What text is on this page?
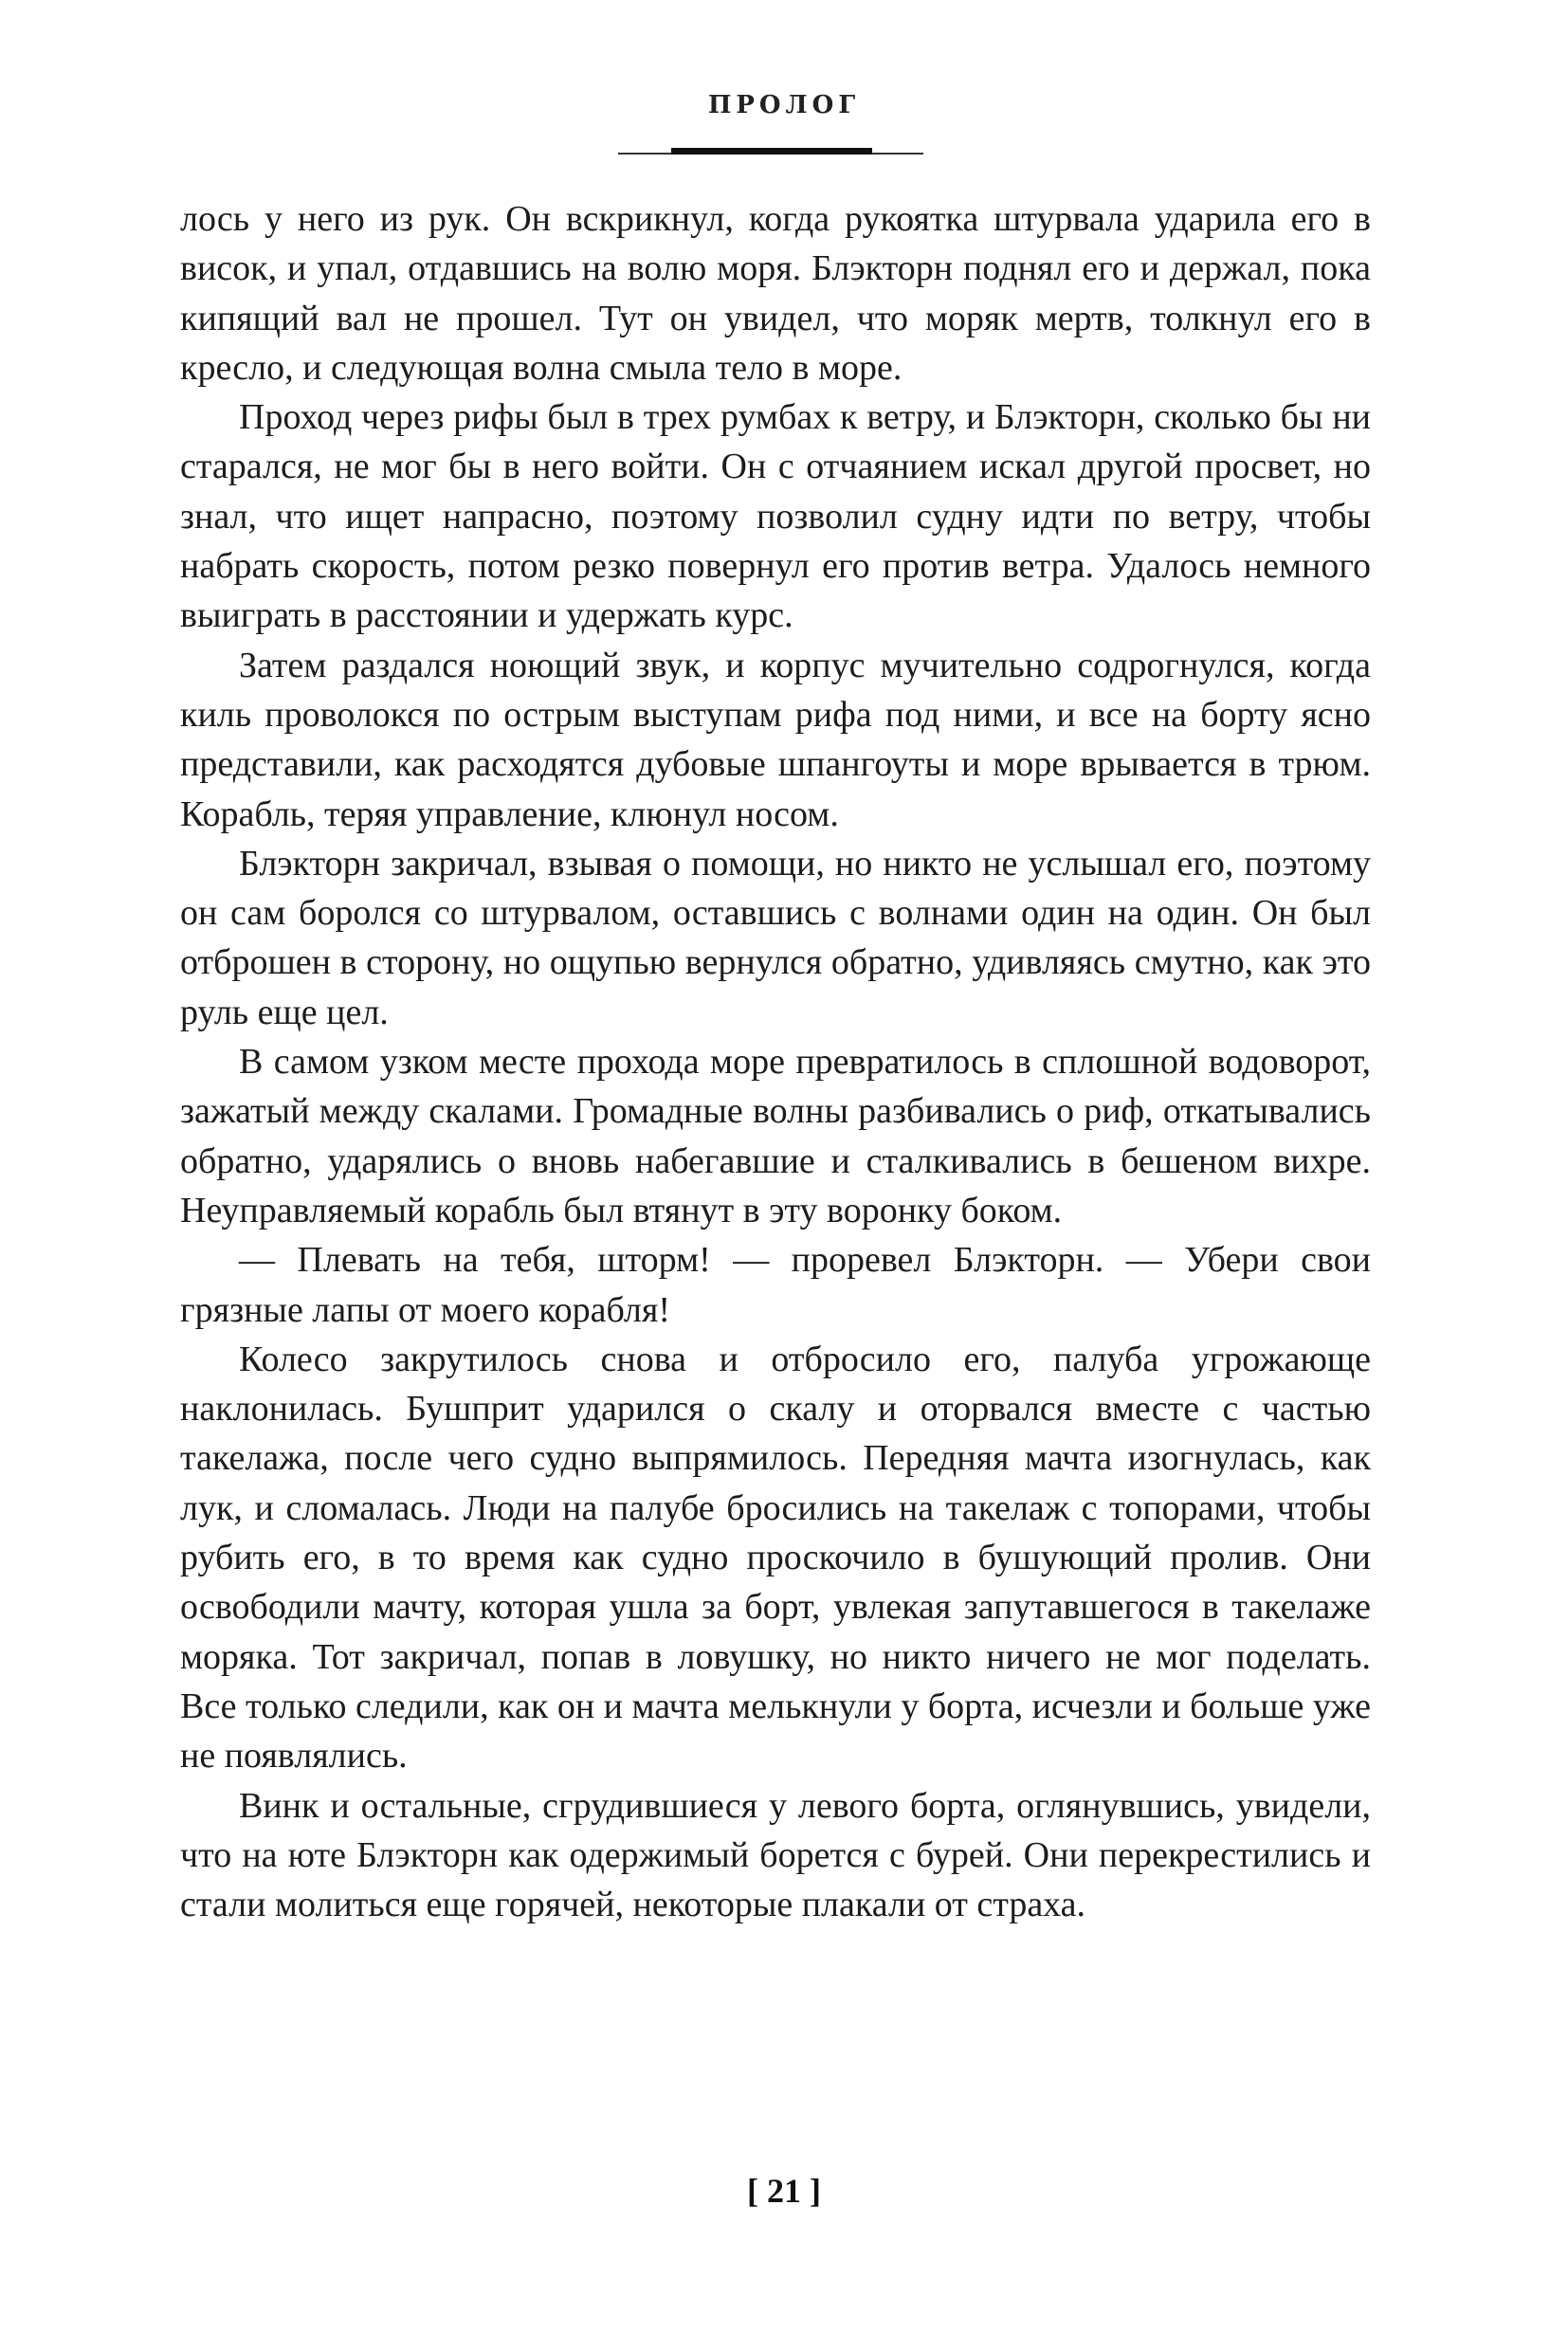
ПРОЛОГ

лось у него из рук. Он вскрикнул, когда рукоятка штурвала ударила его в висок, и упал, отдавшись на волю моря. Блэкторн поднял его и держал, пока кипящий вал не прошел. Тут он увидел, что моряк мертв, толкнул его в кресло, и следующая волна смыла тело в море.

Проход через рифы был в трех румбах к ветру, и Блэкторн, сколько бы ни старался, не мог бы в него войти. Он с отчаянием искал другой просвет, но знал, что ищет напрасно, поэтому позволил судну идти по ветру, чтобы набрать скорость, потом резко повернул его против ветра. Удалось немного выиграть в расстоянии и удержать курс.

Затем раздался ноющий звук, и корпус мучительно содрогнулся, когда киль проволокся по острым выступам рифа под ними, и все на борту ясно представили, как расходятся дубовые шпангоуты и море врывается в трюм. Корабль, теряя управление, клюнул носом.

Блэкторн закричал, взывая о помощи, но никто не услышал его, поэтому он сам боролся со штурвалом, оставшись с волнами один на один. Он был отброшен в сторону, но ощупью вернулся обратно, удивляясь смутно, как это руль еще цел.

В самом узком месте прохода море превратилось в сплошной водоворот, зажатый между скалами. Громадные волны разбивались о риф, откатывались обратно, ударялись о вновь набегавшие и сталкивались в бешеном вихре. Неуправляемый корабль был втянут в эту воронку боком.

— Плевать на тебя, шторм! — проревел Блэкторн. — Убери свои грязные лапы от моего корабля!

Колесо закрутилось снова и отбросило его, палуба угрожающе наклонилась. Бушприт ударился о скалу и оторвался вместе с частью такелажа, после чего судно выпрямилось. Передняя мачта изогнулась, как лук, и сломалась. Люди на палубе бросились на такелаж с топорами, чтобы рубить его, в то время как судно проскочило в бушующий пролив. Они освободили мачту, которая ушла за борт, увлекая запутавшегося в такелаже моряка. Тот закричал, попав в ловушку, но никто ничего не мог поделать. Все только следили, как он и мачта мелькнули у борта, исчезли и больше уже не появлялись.

Винк и остальные, сгрудившиеся у левого борта, оглянувшись, увидели, что на юте Блэкторн как одержимый борется с бурей. Они перекрестились и стали молиться еще горячей, некоторые плакали от страха.

[ 21 ]
